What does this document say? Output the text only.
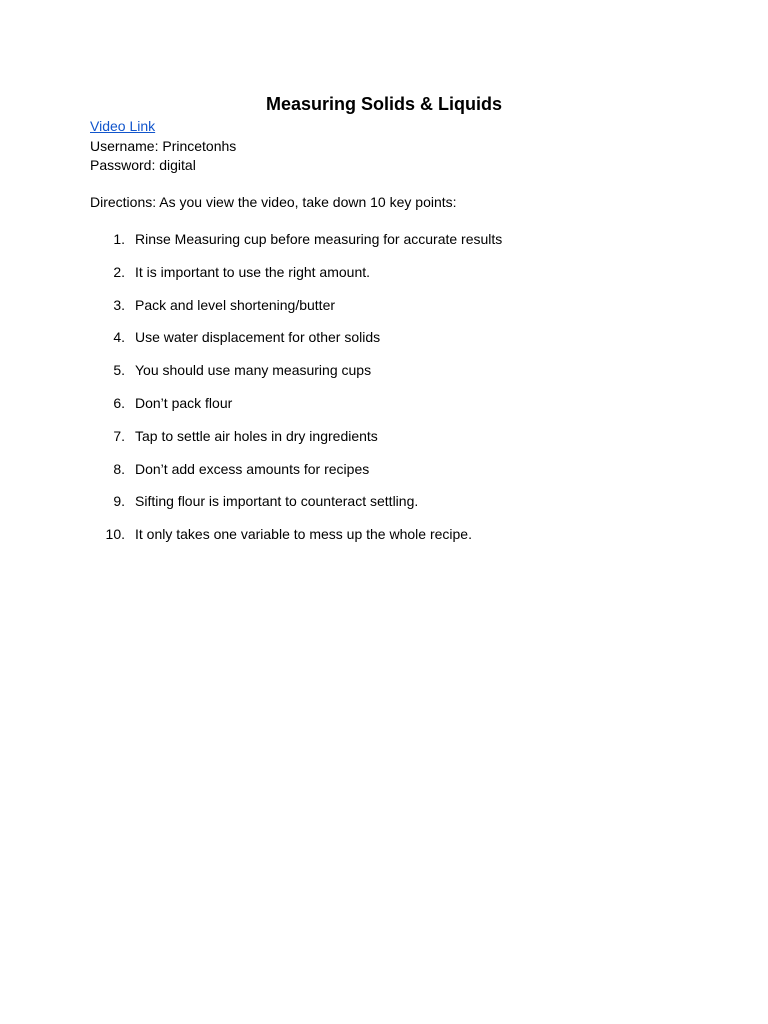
Measuring Solids & Liquids
Video Link
Username: Princetonhs
Password: digital
Directions: As you view the video, take down 10 key points:
1. Rinse Measuring cup before measuring for accurate results
2. It is important to use the right amount.
3. Pack and level shortening/butter
4. Use water displacement for other solids
5. You should use many measuring cups
6. Don’t pack flour
7. Tap to settle air holes in dry ingredients
8. Don’t add excess amounts for recipes
9. Sifting flour is important to counteract settling.
10. It only takes one variable to mess up the whole recipe.
